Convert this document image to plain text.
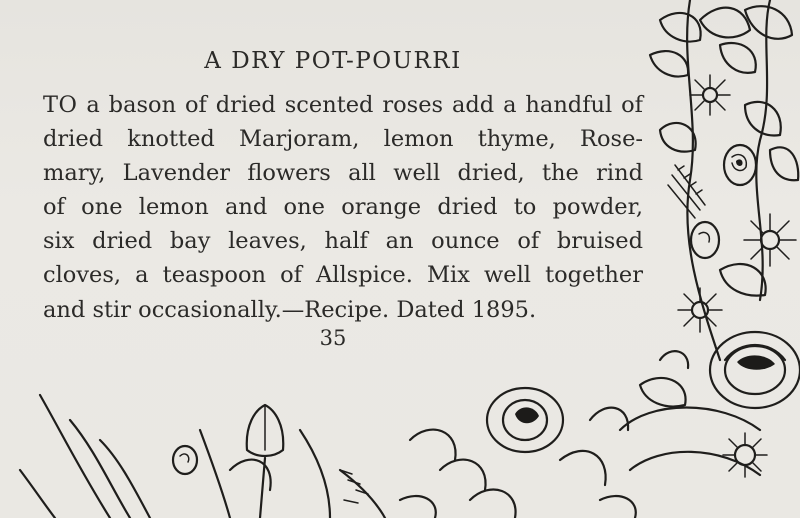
A DRY POT-POURRI
TO a bason of dried scented roses add a handful of
dried knotted Marjoram, lemon thyme, Rose-
mary, Lavender flowers all well dried, the rind
of one lemon and one orange dried to powder,
six dried bay leaves, half an ounce of bruised
cloves, a teaspoon of Allspice. Mix well together
and stir occasionally.—Recipe. Dated 1895.
35
